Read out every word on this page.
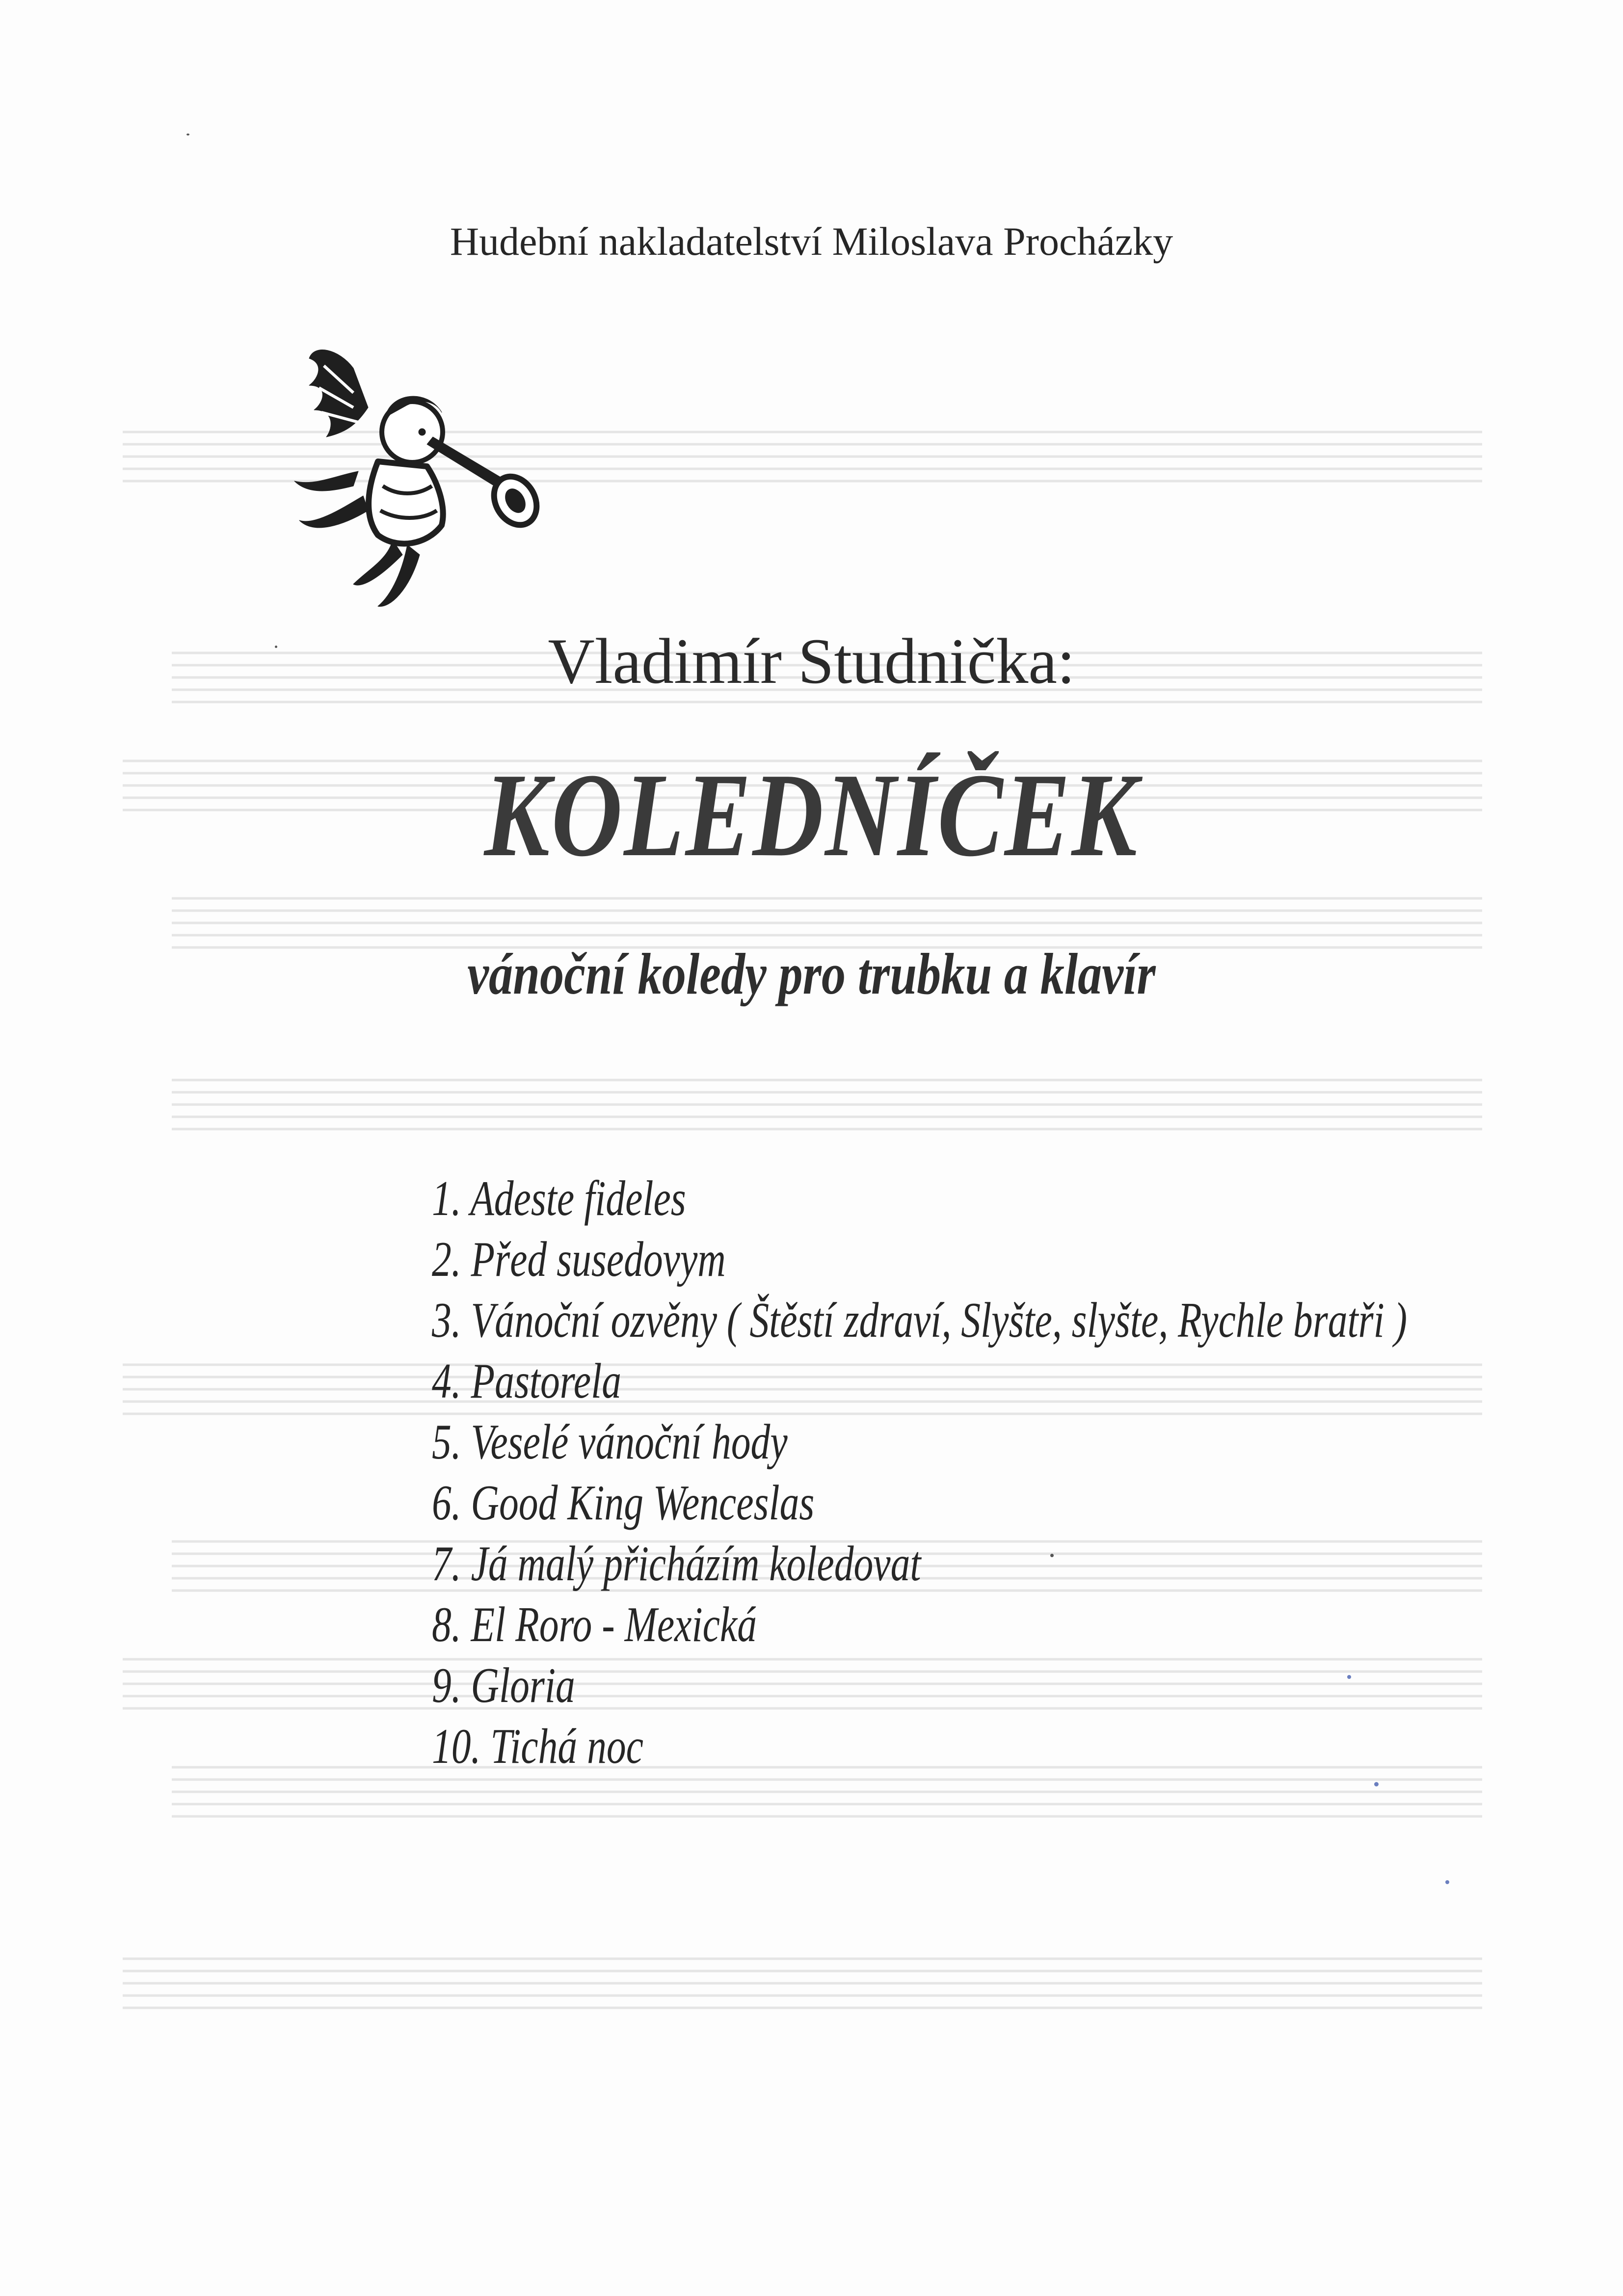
Hudební nakladatelství Miloslava Procházky
Vladimír Studnička:
KOLEDNÍČEK
vánoční koledy pro trubku a klavír
1. Adeste fideles
2. Před susedovym
3. Vánoční ozvěny ( Štěstí zdraví, Slyšte, slyšte, Rychle bratři )
4. Pastorela
5. Veselé vánoční hody
6. Good King Wenceslas
7. Já malý přicházím koledovat
8. El Roro - Mexická
9. Gloria
10. Tichá noc
